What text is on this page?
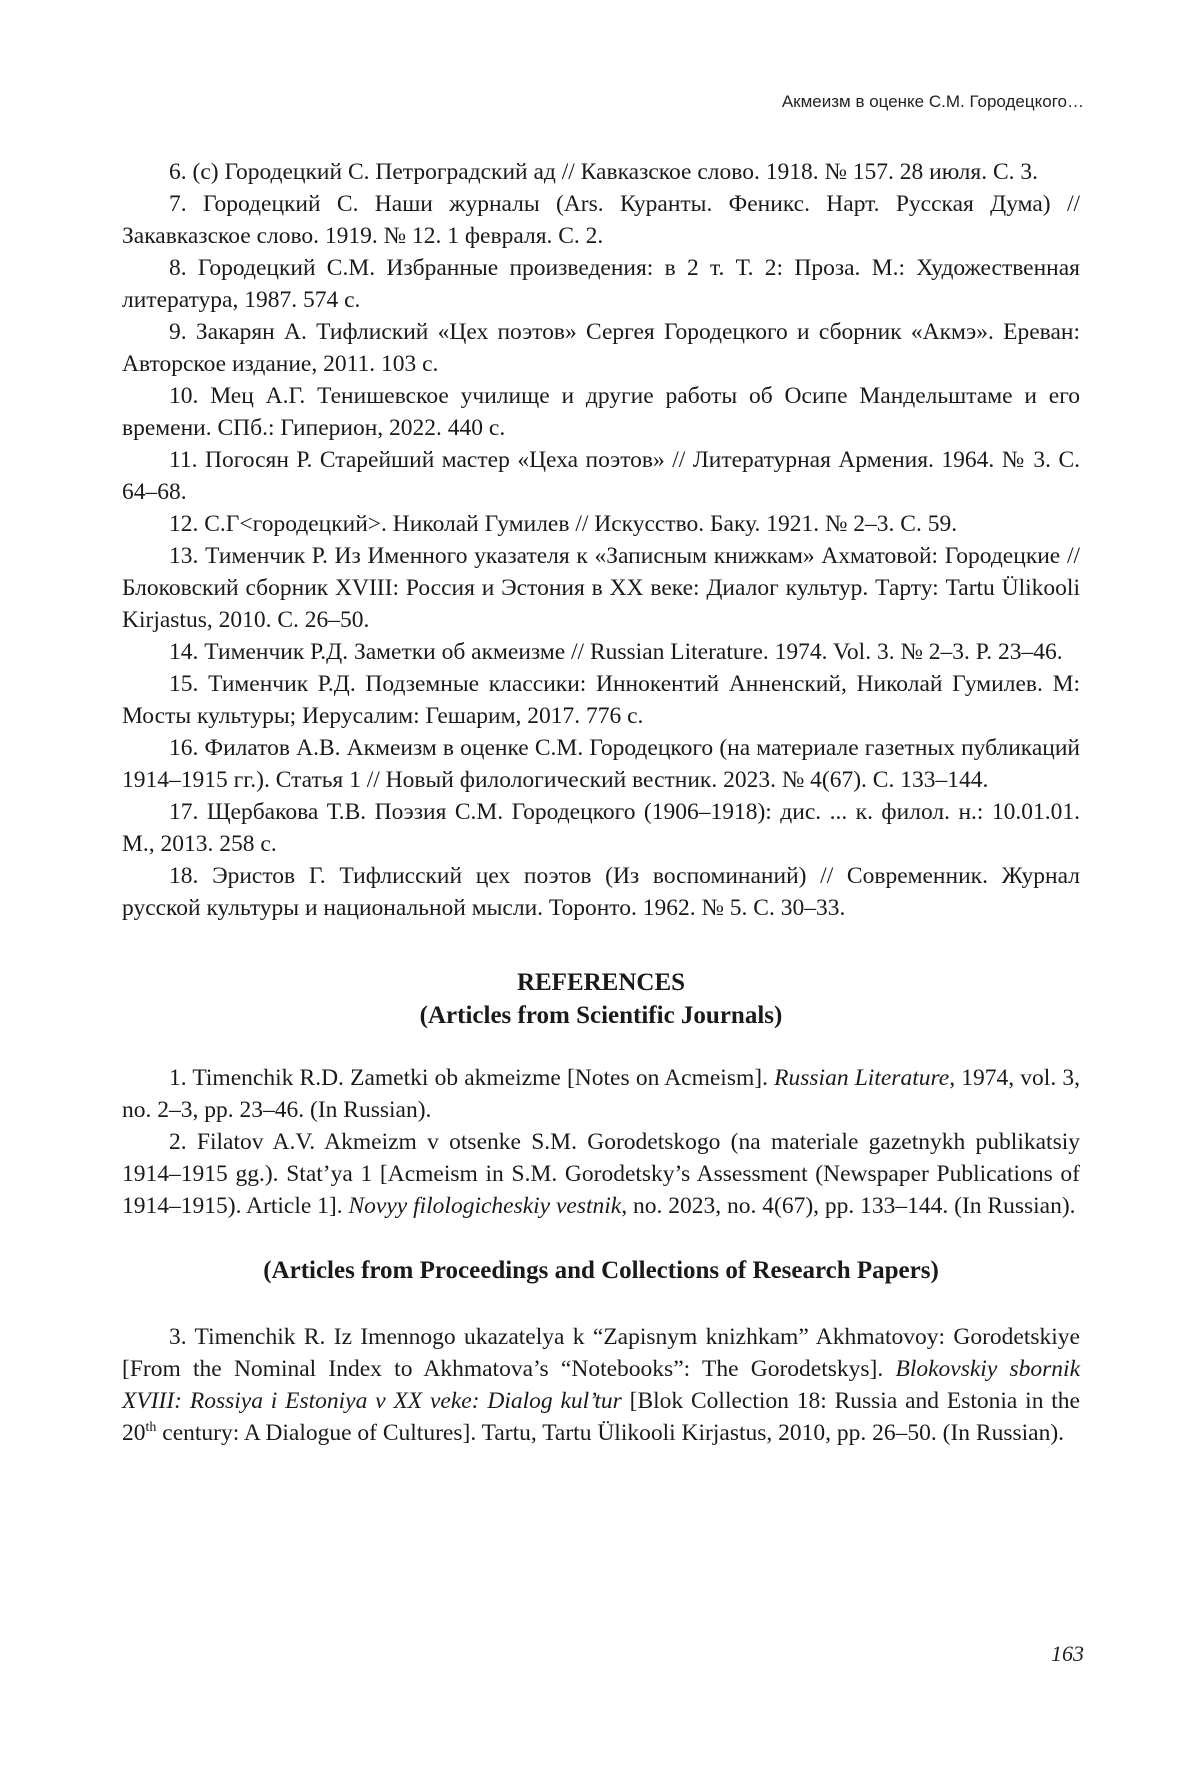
Акмеизм в оценке С.М. Городецкого…

6. (с) Городецкий С. Петроградский ад // Кавказское слово. 1918. № 157. 28 июля. С. 3.

7. Городецкий С. Наши журналы (Ars. Куранты. Феникс. Нарт. Русская Дума) // Закавказское слово. 1919. № 12. 1 февраля. С. 2.

8. Городецкий С.М. Избранные произведения: в 2 т. Т. 2: Проза. М.: Художественная литература, 1987. 574 с.

9. Закарян А. Тифлиский «Цех поэтов» Сергея Городецкого и сборник «Акмэ». Ереван: Авторское издание, 2011. 103 с.

10. Мец А.Г. Тенишевское училище и другие работы об Осипе Мандельштаме и его времени. СПб.: Гиперион, 2022. 440 с.

11. Погосян Р. Старейший мастер «Цеха поэтов» // Литературная Армения. 1964. № 3. С. 64–68.

12. С.Г<городецкий>. Николай Гумилев // Искусство. Баку. 1921. № 2–3. С. 59.

13. Тименчик Р. Из Именного указателя к «Записным книжкам» Ахматовой: Городецкие // Блоковский сборник XVIII: Россия и Эстония в ХХ веке: Диалог культур. Тарту: Tartu Ülikooli Kirjastus, 2010. С. 26–50.

14. Тименчик Р.Д. Заметки об акмеизме // Russian Literature. 1974. Vol. 3. № 2–3. P. 23–46.

15. Тименчик Р.Д. Подземные классики: Иннокентий Анненский, Николай Гумилев. М: Мосты культуры; Иерусалим: Гешарим, 2017. 776 с.

16. Филатов А.В. Акмеизм в оценке С.М. Городецкого (на материале газетных публикаций 1914–1915 гг.). Статья 1 // Новый филологический вестник. 2023. № 4(67). С. 133–144.

17. Щербакова Т.В. Поэзия С.М. Городецкого (1906–1918): дис. ... к. филол. н.: 10.01.01. М., 2013. 258 с.

18. Эристов Г. Тифлисский цех поэтов (Из воспоминаний) // Современник. Журнал русской культуры и национальной мысли. Торонто. 1962. № 5. С. 30–33.

REFERENCES
(Articles from Scientific Journals)

1. Timenchik R.D. Zametki ob akmeizme [Notes on Acmeism]. Russian Literature, 1974, vol. 3, no. 2–3, pp. 23–46. (In Russian).

2. Filatov A.V. Akmeizm v otsenke S.M. Gorodetskogo (na materiale gazetnykh publikatsiy 1914–1915 gg.). Stat’ya 1 [Acmeism in S.M. Gorodetsky’s Assessment (Newspaper Publications of 1914–1915). Article 1]. Novyy filologicheskiy vestnik, no. 2023, no. 4(67), pp. 133–144. (In Russian).

(Articles from Proceedings and Collections of Research Papers)

3. Timenchik R. Iz Imennogo ukazatelya k “Zapisnym knizhkam” Akhmatovoy: Gorodetskiye [From the Nominal Index to Akhmatova’s “Notebooks”: The Gorodetskys]. Blokovskiy sbornik XVIII: Rossiya i Estoniya v XX veke: Dialog kul’tur [Blok Collection 18: Russia and Estonia in the 20th century: A Dialogue of Cultures]. Tartu, Tartu Ülikooli Kirjastus, 2010, pp. 26–50. (In Russian).

163
